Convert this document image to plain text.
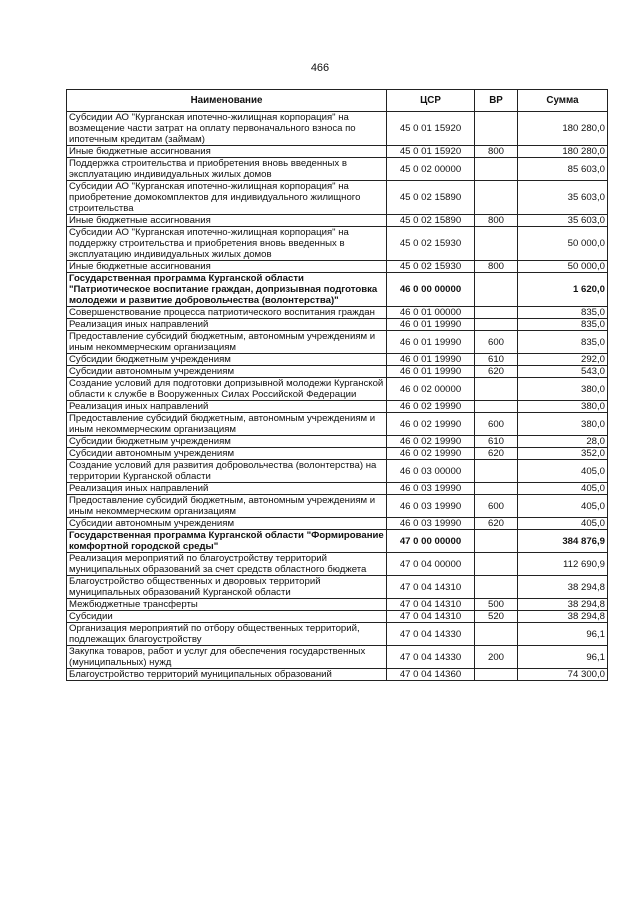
466
Наименование	ЦСР	ВР	Сумма
Субсидии АО "Курганская ипотечно-жилищная корпорация" на возмещение части затрат на оплату первоначального взноса по ипотечным кредитам (займам)	45 0 01 15920		180 280,0
Иные бюджетные ассигнования	45 0 01 15920	800	180 280,0
Поддержка строительства и приобретения вновь введенных в эксплуатацию индивидуальных жилых домов	45 0 02 00000		85 603,0
Субсидии АО "Курганская ипотечно-жилищная корпорация" на приобретение домокомплектов для индивидуального жилищного строительства	45 0 02 15890		35 603,0
Иные бюджетные ассигнования	45 0 02 15890	800	35 603,0
Субсидии АО "Курганская ипотечно-жилищная корпорация" на поддержку строительства и приобретения вновь введенных в эксплуатацию индивидуальных жилых домов	45 0 02 15930		50 000,0
Иные бюджетные ассигнования	45 0 02 15930	800	50 000,0
Государственная программа Курганской области "Патриотическое воспитание граждан, допризывная подготовка молодежи и развитие добровольчества (волонтерства)"	46 0 00 00000		1 620,0
Совершенствование процесса патриотического воспитания граждан	46 0 01 00000		835,0
Реализация иных направлений	46 0 01 19990		835,0
Предоставление субсидий бюджетным, автономным учреждениям и иным некоммерческим организациям	46 0 01 19990	600	835,0
Субсидии бюджетным учреждениям	46 0 01 19990	610	292,0
Субсидии автономным учреждениям	46 0 01 19990	620	543,0
Создание условий для подготовки допризывной молодежи Курганской области к службе в Вооруженных Силах Российской Федерации	46 0 02 00000		380,0
Реализация иных направлений	46 0 02 19990		380,0
Предоставление субсидий бюджетным, автономным учреждениям и иным некоммерческим организациям	46 0 02 19990	600	380,0
Субсидии бюджетным учреждениям	46 0 02 19990	610	28,0
Субсидии автономным учреждениям	46 0 02 19990	620	352,0
Создание условий для развития добровольчества (волонтерства) на территории Курганской области	46 0 03 00000		405,0
Реализация иных направлений	46 0 03 19990		405,0
Предоставление субсидий бюджетным, автономным учреждениям и иным некоммерческим организациям	46 0 03 19990	600	405,0
Субсидии автономным учреждениям	46 0 03 19990	620	405,0
Государственная программа Курганской области "Формирование комфортной городской среды"	47 0 00 00000		384 876,9
Реализация мероприятий по благоустройству территорий муниципальных образований за счет средств областного бюджета	47 0 04 00000		112 690,9
Благоустройство общественных и дворовых территорий муниципальных образований Курганской области	47 0 04 14310		38 294,8
Межбюджетные трансферты	47 0 04 14310	500	38 294,8
Субсидии	47 0 04 14310	520	38 294,8
Организация мероприятий по отбору общественных территорий, подлежащих благоустройству	47 0 04 14330		96,1
Закупка товаров, работ и услуг для обеспечения государственных (муниципальных) нужд	47 0 04 14330	200	96,1
Благоустройство территорий муниципальных образований	47 0 04 14360		74 300,0
